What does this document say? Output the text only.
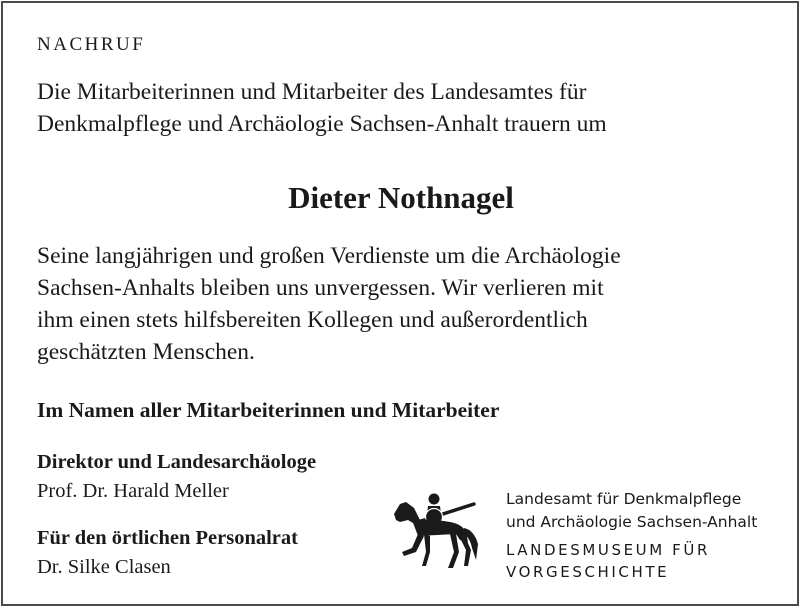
NACHRUF

Die Mitarbeiterinnen und Mitarbeiter des Landesamtes für
Denkmalpflege und Archäologie Sachsen-Anhalt trauern um

Dieter Nothnagel

Seine langjährigen und großen Verdienste um die Archäologie
Sachsen-Anhalts bleiben uns unvergessen. Wir verlieren mit
ihm einen stets hilfsbereiten Kollegen und außerordentlich
geschätzten Menschen.

Im Namen aller Mitarbeiterinnen und Mitarbeiter
Direktor und Landesarchäologe
Prof. Dr. Harald Meller
Für den örtlichen Personalrat
Dr. Silke Clasen
Landesamt für Denkmalpflege
und Archäologie Sachsen-Anhalt
LANDESMUSEUM FÜR
VORGESCHICHTE
